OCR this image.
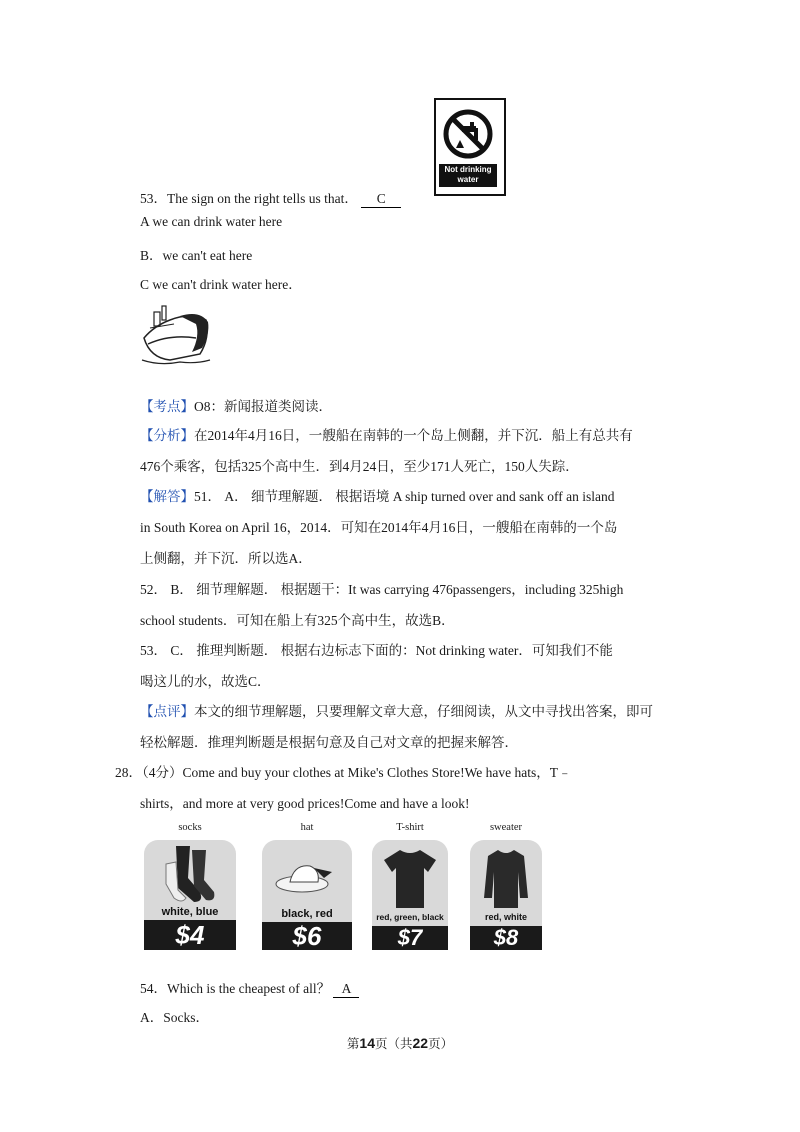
Not drinking water
53．The sign on the right tells us that． C
A we can drink water here
B．we can't eat here
C we can't drink water here．
【考点】O8：新闻报道类阅读．
【分析】在2014年4月16日，一艘船在南韩的一个岛上侧翻，并下沉．船上有总共有
476个乘客，包括325个高中生．到4月24日，至少171人死亡，150人失踪．
【解答】51． A． 细节理解题． 根据语境 A ship turned over and sank off an island
in South Korea on April 16，2014．可知在2014年4月16日，一艘船在南韩的一个岛
上侧翻，并下沉．所以选A．
52． B． 细节理解题． 根据题干：It was carrying 476passengers，including 325high
school students．可知在船上有325个高中生，故选B．
53． C． 推理判断题． 根据右边标志下面的：Not drinking water．可知我们不能
喝这儿的水，故选C．
【点评】本文的细节理解题，只要理解文章大意，仔细阅读，从文中寻找出答案，即可
轻松解题．推理判断题是根据句意及自己对文章的把握来解答．
28．（4分）Come and buy your clothes at Mike's Clothes Store!We have hats，T﹣
shirts，and more at very good prices!Come and have a look!
socks
white, blue
$4
hat
black, red
$6
T-shirt
red, green, black
$7
sweater
red, white
$8
54．Which is the cheapest of all？ A
A．Socks．
第14页（共22页）
